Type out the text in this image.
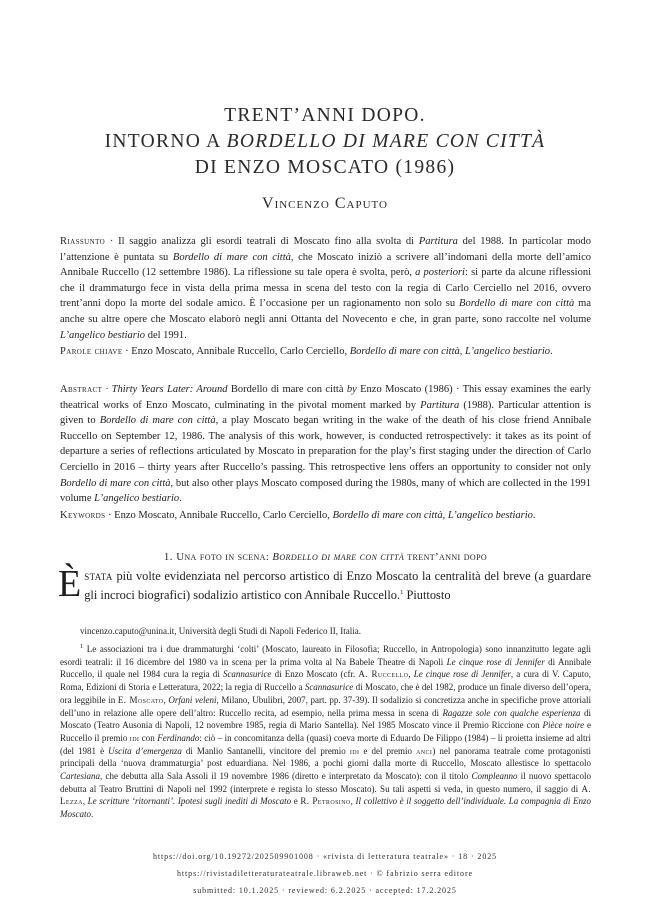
TRENT’ANNI DOPO.
INTORNO A BORDELLO DI MARE CON CITTÀ
DI ENZO MOSCATO (1986)
Vincenzo Caputo
Riassunto · Il saggio analizza gli esordi teatrali di Moscato fino alla svolta di Partitura del 1988. In particolar modo l’attenzione è puntata su Bordello di mare con città, che Moscato iniziò a scrivere all’indomani della morte dell’amico Annibale Ruccello (12 settembre 1986). La riflessione su tale opera è svolta, però, a posteriori: si parte da alcune riflessioni che il drammaturgo fece in vista della prima messa in scena del testo con la regia di Carlo Cerciello nel 2016, ovvero trent’anni dopo la morte del sodale amico. È l’occasione per un ragionamento non solo su Bordello di mare con città ma anche su altre opere che Moscato elaborò negli anni Ottanta del Novecento e che, in gran parte, sono raccolte nel volume L’angelico bestiario del 1991.
Parole chiave · Enzo Moscato, Annibale Ruccello, Carlo Cerciello, Bordello di mare con città, L’angelico bestiario.
Abstract · Thirty Years Later: Around Bordello di mare con città by Enzo Moscato (1986) · This essay examines the early theatrical works of Enzo Moscato, culminating in the pivotal moment marked by Partitura (1988). Particular attention is given to Bordello di mare con città, a play Moscato began writing in the wake of the death of his close friend Annibale Ruccello on September 12, 1986. The analysis of this work, however, is conducted retrospectively: it takes as its point of departure a series of reflections articulated by Moscato in preparation for the play’s first staging under the direction of Carlo Cerciello in 2016 – thirty years after Ruccello’s passing. This retrospective lens offers an opportunity to consider not only Bordello di mare con città, but also other plays Moscato composed during the 1980s, many of which are collected in the 1991 volume L’angelico bestiario.
Keywords · Enzo Moscato, Annibale Ruccello, Carlo Cerciello, Bordello di mare con città, L’angelico bestiario.
1. Una foto in scena: Bordello di mare con città trent’anni dopo
Èstata più volte evidenziata nel percorso artistico di Enzo Moscato la centralità del breve (a guardare gli incroci biografici) sodalizio artistico con Annibale Ruccello.$^1$ Piuttosto
vincenzo.caputo@unina.it, Università degli Studi di Napoli Federico II, Italia.
$^1$ Le associazioni tra i due drammaturghi ‘colti’ (Moscato, laureato in Filosofia; Ruccello, in Antropologia) sono innanzitutto legate agli esordi teatrali: il 16 dicembre del 1980 va in scena per la prima volta al Na Babele Theatre di Napoli Le cinque rose di Jennifer di Annibale Ruccello, il quale nel 1984 cura la regia di Scannasurice di Enzo Moscato (cfr. A. Ruccello, Le cinque rose di Jennifer, a cura di V. Caputo, Roma, Edizioni di Storia e Letteratura, 2022; la regia di Ruccello a Scannasurice di Moscato, che è del 1982, produce un finale diverso dell’opera, ora leggibile in E. Moscato, Orfani veleni, Milano, Ubulibri, 2007, part. pp. 37-39). Il sodalizio si concretizza anche in specifiche prove attoriali dell’uno in relazione alle opere dell’altro: Ruccello recita, ad esempio, nella prima messa in scena di Ragazze sole con qualche esperienza di Moscato (Teatro Ausonia di Napoli, 12 novembre 1985, regia di Mario Santella). Nel 1985 Moscato vince il Premio Riccione con Pièce noire e Ruccello il premio idi con Ferdinando: ciò – in concomitanza della (quasi) coeva morte di Eduardo De Filippo (1984) – li proietta insieme ad altri (del 1981 è Uscita d’emergenza di Manlio Santanelli, vincitore del premio idi e del premio anci) nel panorama teatrale come protagonisti principali della ‘nuova drammaturgia’ post eduardiana. Nel 1986, a pochi giorni dalla morte di Ruccello, Moscato allestisce lo spettacolo Cartesiana, che debutta alla Sala Assoli il 19 novembre 1986 (diretto e interpretato da Moscato): con il titolo Compleanno il nuovo spettacolo debutta al Teatro Bruttini di Napoli nel 1992 (interprete e regista lo stesso Moscato). Su tali aspetti si veda, in questo numero, il saggio di A. Lezza, Le scritture ‘ritornanti’. Ipotesi sugli inediti di Moscato e R. Petrosino, Il collettivo è il soggetto dell’individuale. La compagnia di Enzo Moscato.
https://doi.org/10.19272/202509901008 · «rivista di letteratura teatrale» · 18 · 2025
https://rivistadiletteraturateatrale.libraweb.net · © fabrizio serra editore
submitted: 10.1.2025 · reviewed: 6.2.2025 · accepted: 17.2.2025
